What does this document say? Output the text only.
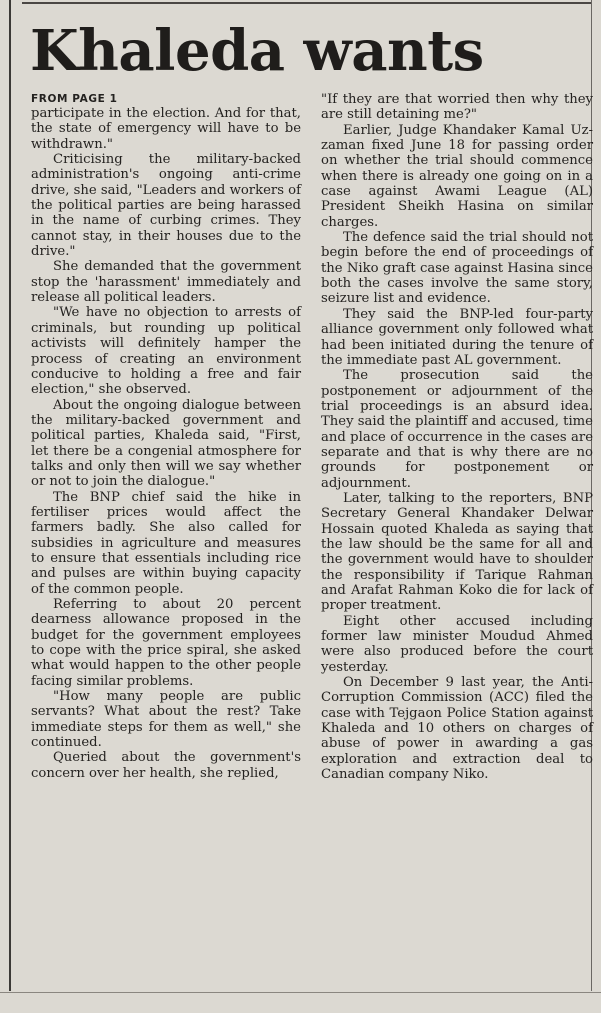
Khaleda wants
FROM PAGE 1

participate in the election. And for that, the state of emergency will have to be withdrawn."

Criticising the military-backed administration's ongoing anti-crime drive, she said, "Leaders and workers of the political parties are being harassed in the name of curbing crimes. They cannot stay, in their houses due to the drive."

She demanded that the government stop the 'harassment' immediately and release all political leaders.

"We have no objection to arrests of criminals, but rounding up political activists will definitely hamper the process of creating an environment conducive to holding a free and fair election," she observed.

About the ongoing dialogue between the military-backed government and political parties, Khaleda said, "First, let there be a congenial atmosphere for talks and only then will we say whether or not to join the dialogue."

The BNP chief said the hike in fertiliser prices would affect the farmers badly. She also called for subsidies in agriculture and measures to ensure that essentials including rice and pulses are within buying capacity of the common people.

Referring to about 20 percent dearness allowance proposed in the budget for the government employees to cope with the price spiral, she asked what would happen to the other people facing similar problems.

"How many people are public servants? What about the rest? Take immediate steps for them as well," she continued.

Queried about the government's concern over her health, she replied,

"If they are that worried then why they are still detaining me?"

Earlier, Judge Khandaker Kamal Uz-zaman fixed June 18 for passing order on whether the trial should commence when there is already one going on in a case against Awami League (AL) President Sheikh Hasina on similar charges.

The defence said the trial should not begin before the end of proceedings of the Niko graft case against Hasina since both the cases involve the same story, seizure list and evidence.

They said the BNP-led four-party alliance government only followed what had been initiated during the tenure of the immediate past AL government.

The prosecution said the postponement or adjournment of the trial proceedings is an absurd idea. They said the plaintiff and accused, time and place of occurrence in the cases are separate and that is why there are no grounds for postponement or adjournment.

Later, talking to the reporters, BNP Secretary General Khandaker Delwar Hossain quoted Khaleda as saying that the law should be the same for all and the government would have to shoulder the responsibility if Tarique Rahman and Arafat Rahman Koko die for lack of proper treatment.

Eight other accused including former law minister Moudud Ahmed were also produced before the court yesterday.

On December 9 last year, the Anti-Corruption Commission (ACC) filed the case with Tejgaon Police Station against Khaleda and 10 others on charges of abuse of power in awarding a gas exploration and extraction deal to Canadian company Niko.
